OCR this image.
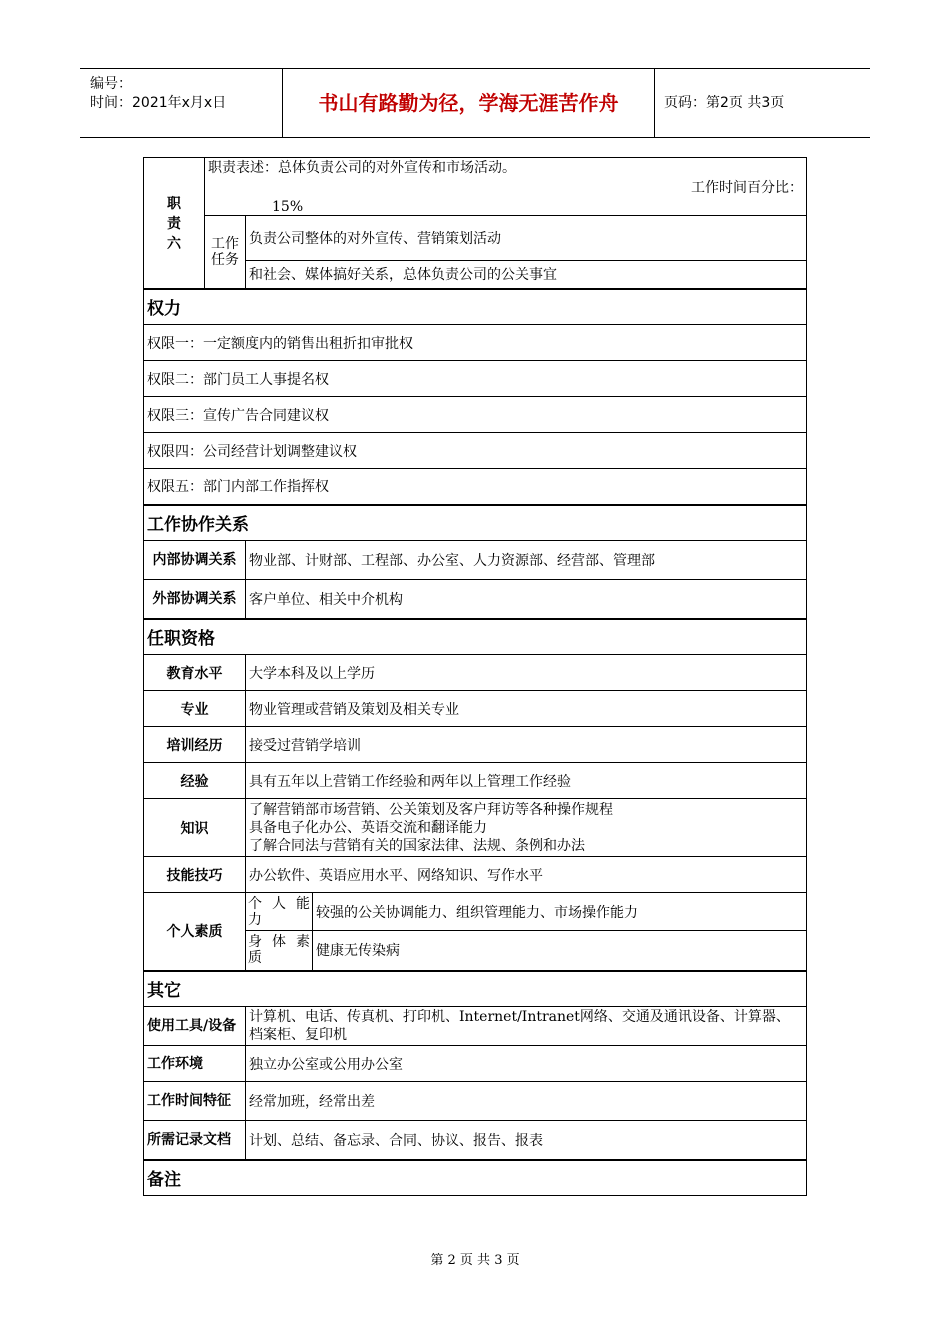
编号：
时间：2021年x月x日	书山有路勤为径，学海无涯苦作舟	页码：第2页 共3页
职责六	职责表述：总体负责公司的对外宣传和市场活动。
工作时间百分比：
15%		

	工作任务	负责公司整体的对外宣传、营销策划活动	
		和社会、媒体搞好关系，总体负责公司的公关事宜	
权力			
权限一：一定额度内的销售出租折扣审批权			
权限二：部门员工人事提名权			
权限三：宣传广告合同建议权			
权限四：公司经营计划调整建议权			
权限五：部门内部工作指挥权			
工作协作关系			
内部协调关系		物业部、计财部、工程部、办公室、人力资源部、经营部、管理部	
外部协调关系		客户单位、相关中介机构	
任职资格			
教育水平		大学本科及以上学历	
专业		物业管理或营销及策划及相关专业	
培训经历		接受过营销学培训	
经验		具有五年以上营销工作经验和两年以上管理工作经验	
知识		了解营销部市场营销、公关策划及客户拜访等各种操作规程
具备电子化办公、英语交流和翻译能力
了解合同法与营销有关的国家法律、法规、条例和办法	

技能技巧		办公软件、英语应用水平、网络知识、写作水平	
个人素质		个 人 能 力	较强的公关协调能力、组织管理能力、市场操作能力
		身 体 素 质	健康无传染病
其它			
使用工具/设备		计算机、电话、传真机、打印机、Internet/Intranet网络、交通及通讯设备、计算器、档案柜、复印机	
工作环境		独立办公室或公用办公室	
工作时间特征		经常加班，经常出差	
所需记录文档		计划、总结、备忘录、合同、协议、报告、报表	
备注			
第 2 页 共 3 页
